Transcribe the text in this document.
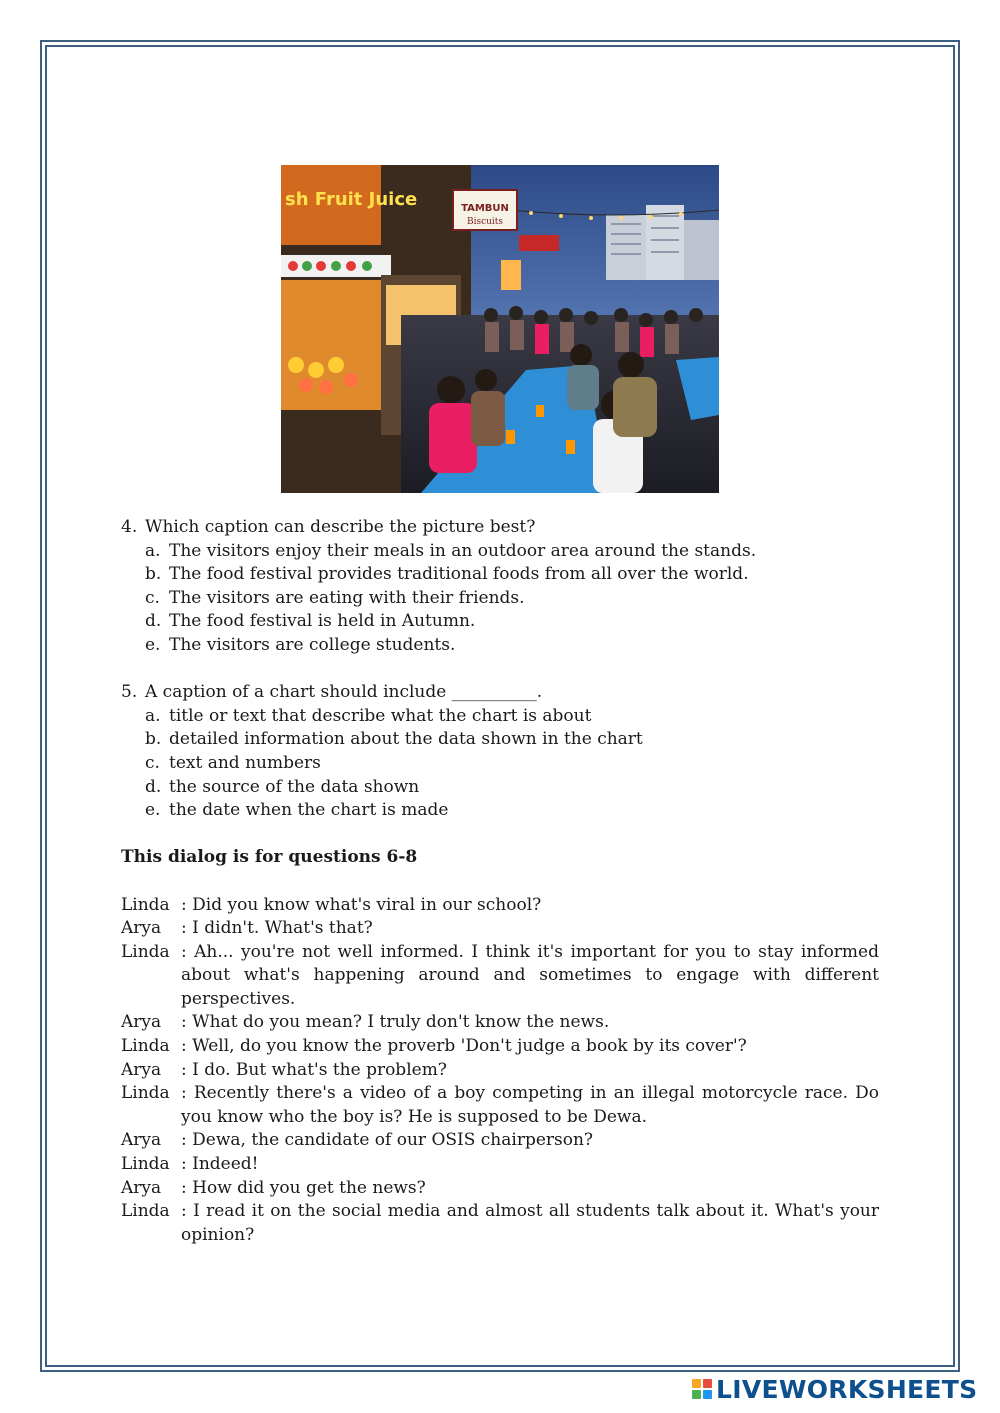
sh Fruit Juice	TAMBUN
Biscuits
4. Which caption can describe the picture best?
a. The visitors enjoy their meals in an outdoor area around the stands.
b. The food festival provides traditional foods from all over the world.
c. The visitors are eating with their friends.
d. The food festival is held in Autumn.
e. The visitors are college students.
5. A caption of a chart should include __________.
a. title or text that describe what the chart is about
b. detailed information about the data shown in the chart
c. text and numbers
d. the source of the data shown
e. the date when the chart is made
This dialog is for questions 6-8
Linda : Did you know what's viral in our school?
Arya	: I didn't. What's that?
Linda : Ah... you're not well informed. I think it's important for you to stay informed about what's happening around and sometimes to engage with different perspectives.
Arya	: What do you mean? I truly don't know the news.
Linda : Well, do you know the proverb 'Don't judge a book by its cover'?
Arya	: I do. But what's the problem?
Linda : Recently there's a video of a boy competing in an illegal motorcycle race. Do you know who the boy is? He is supposed to be Dewa.
Arya	: Dewa, the candidate of our OSIS chairperson?
Linda : Indeed!
Arya	: How did you get the news?
Linda : I read it on the social media and almost all students talk about it. What's your opinion?
LIVEWORKSHEETS
